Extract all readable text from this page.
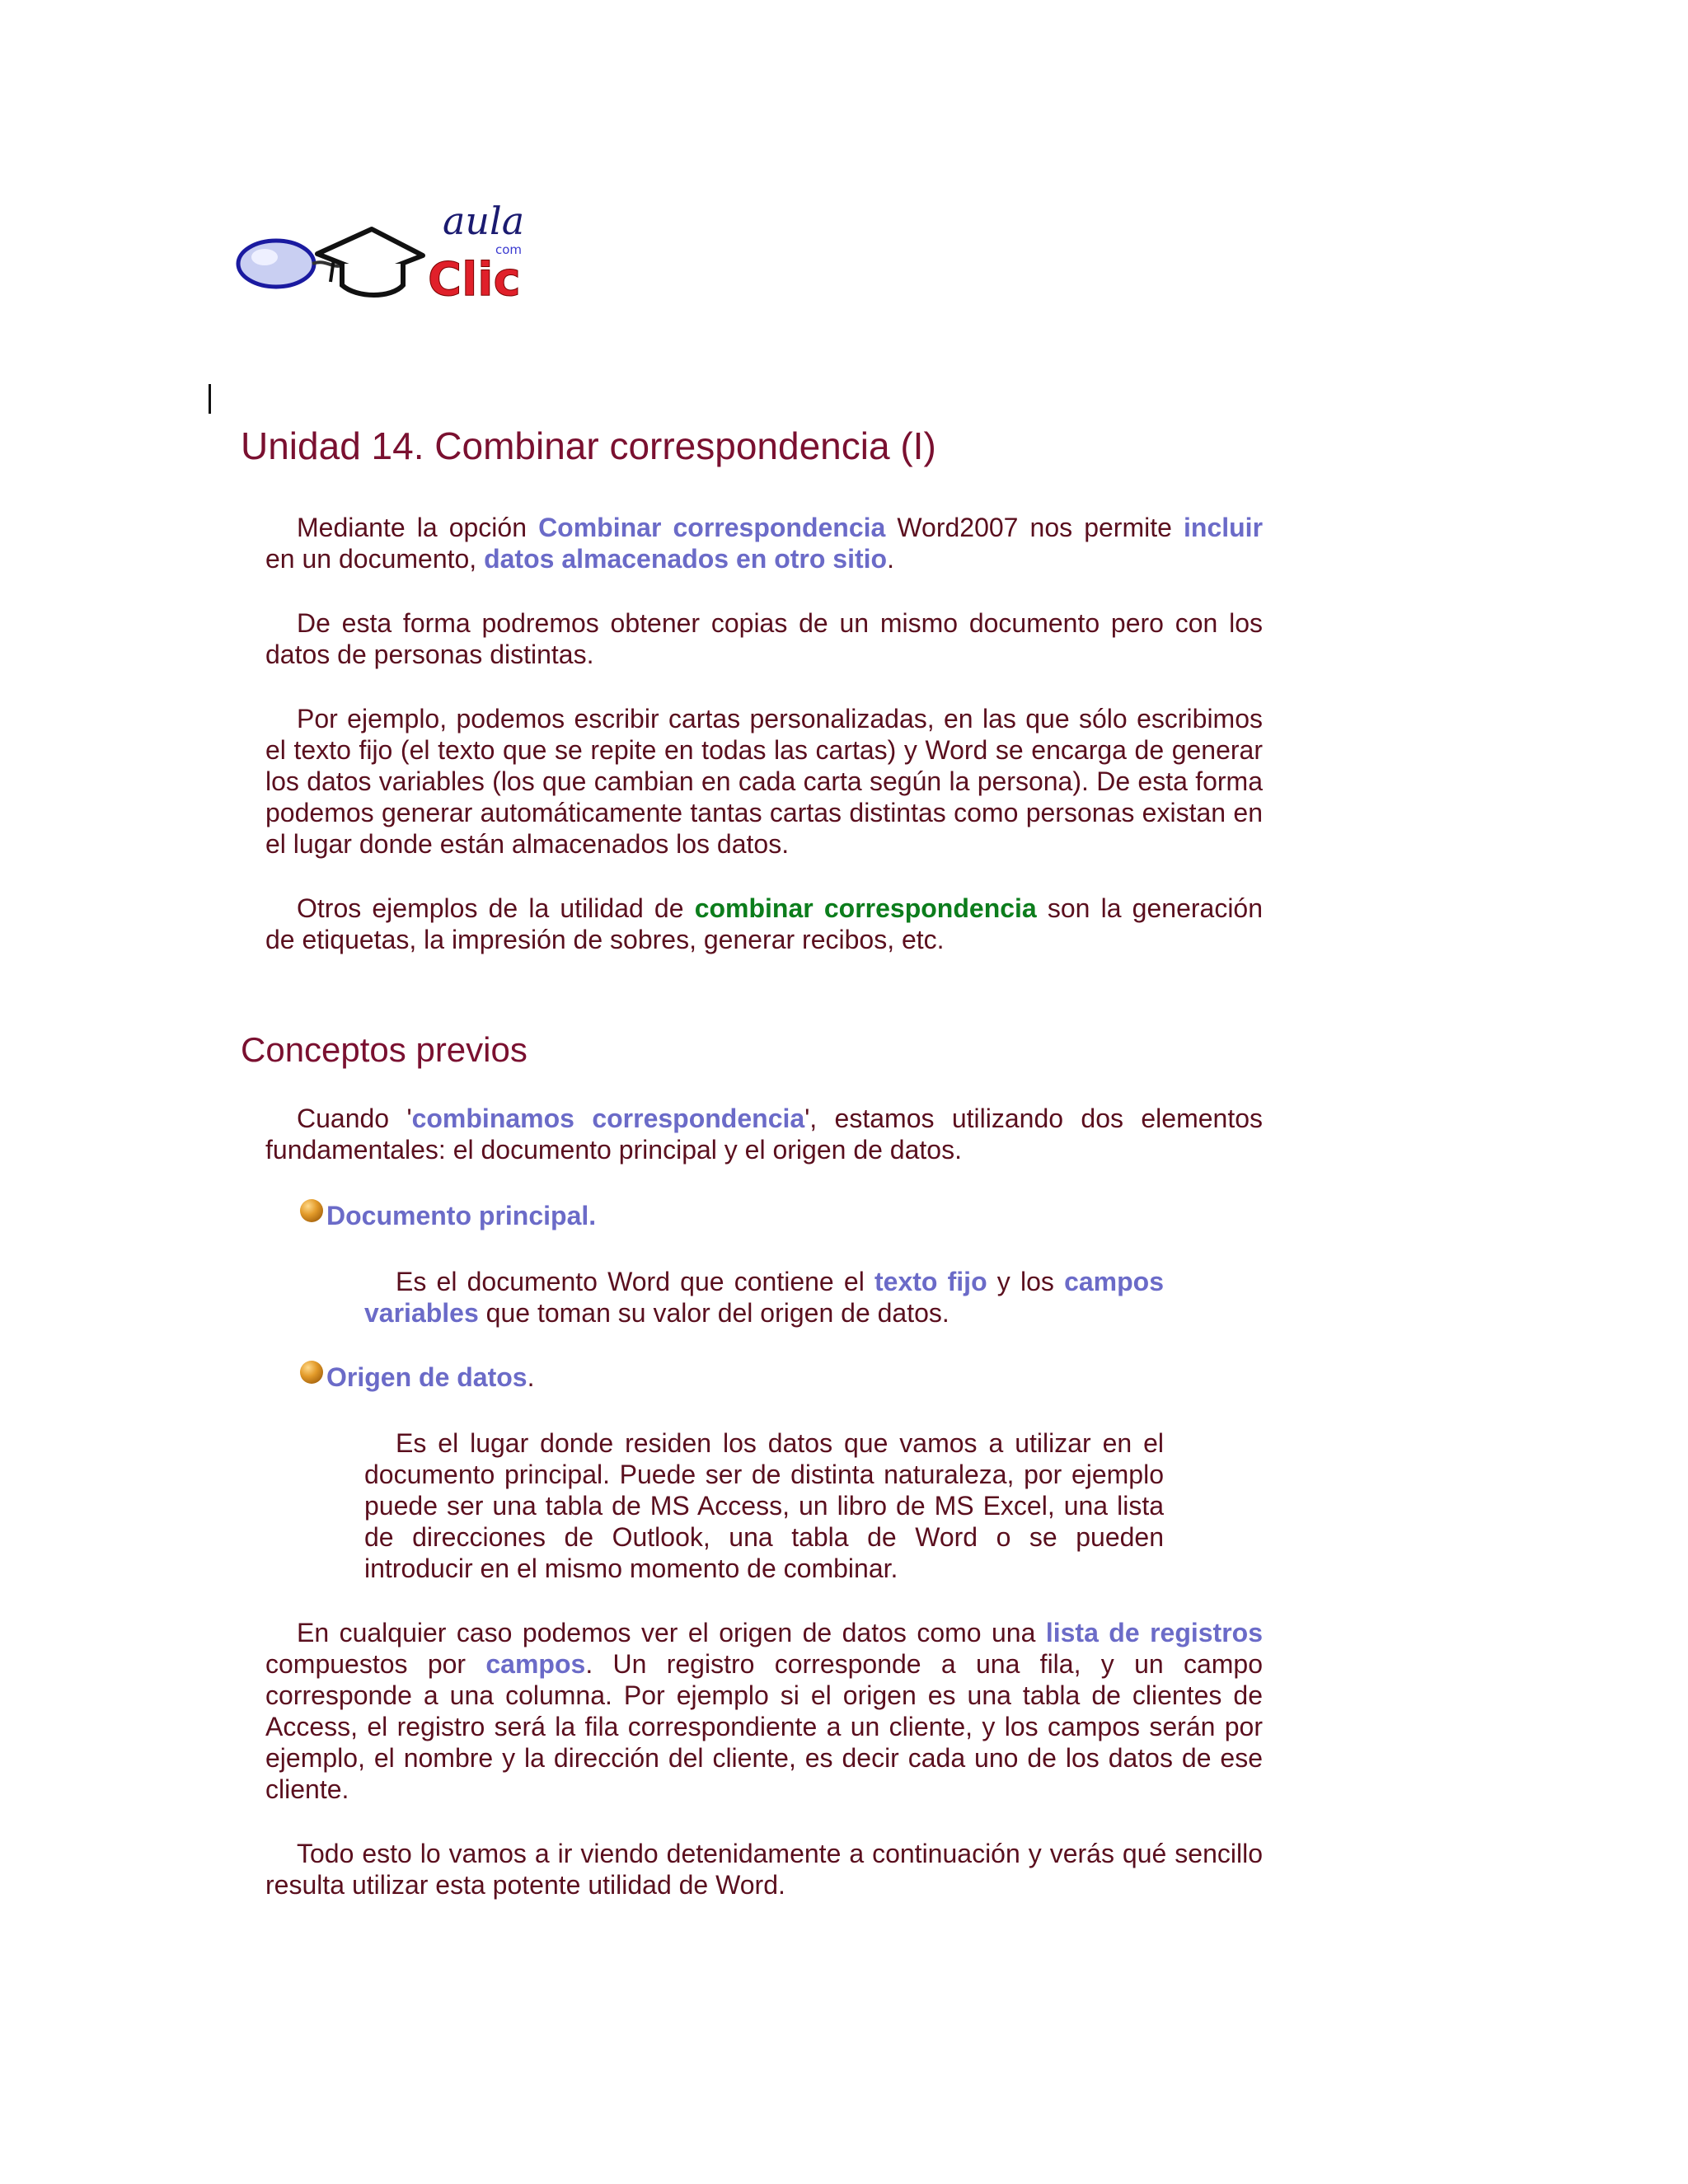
aula
com
Clic
Unidad 14. Combinar correspondencia (I)

Mediante la opción Combinar correspondencia Word2007 nos permite incluir en un documento, datos almacenados en otro sitio.

De esta forma podremos obtener copias de un mismo documento pero con los datos de personas distintas.

Por ejemplo, podemos escribir cartas personalizadas, en las que sólo escribimos el texto fijo (el texto que se repite en todas las cartas) y Word se encarga de generar los datos variables (los que cambian en cada carta según la persona). De esta forma podemos generar automáticamente tantas cartas distintas como personas existan en el lugar donde están almacenados los datos.

Otros ejemplos de la utilidad de combinar correspondencia son la generación de etiquetas, la impresión de sobres, generar recibos, etc.

Conceptos previos

Cuando 'combinamos correspondencia', estamos utilizando dos elementos fundamentales: el documento principal y el origen de datos.

Documento principal.

Es el documento Word que contiene el texto fijo y los campos variables que toman su valor del origen de datos.

Origen de datos .

Es el lugar donde residen los datos que vamos a utilizar en el documento principal. Puede ser de distinta naturaleza, por ejemplo puede ser una tabla de MS Access, un libro de MS Excel, una lista de direcciones de Outlook, una tabla de Word o se pueden introducir en el mismo momento de combinar.

En cualquier caso podemos ver el origen de datos como una lista de registros compuestos por campos. Un registro corresponde a una fila, y un campo corresponde a una columna. Por ejemplo si el origen es una tabla de clientes de Access, el registro será la fila correspondiente a un cliente, y los campos serán por ejemplo, el nombre y la dirección del cliente, es decir cada uno de los datos de ese cliente.

Todo esto lo vamos a ir viendo detenidamente a continuación y verás qué sencillo resulta utilizar esta potente utilidad de Word.
